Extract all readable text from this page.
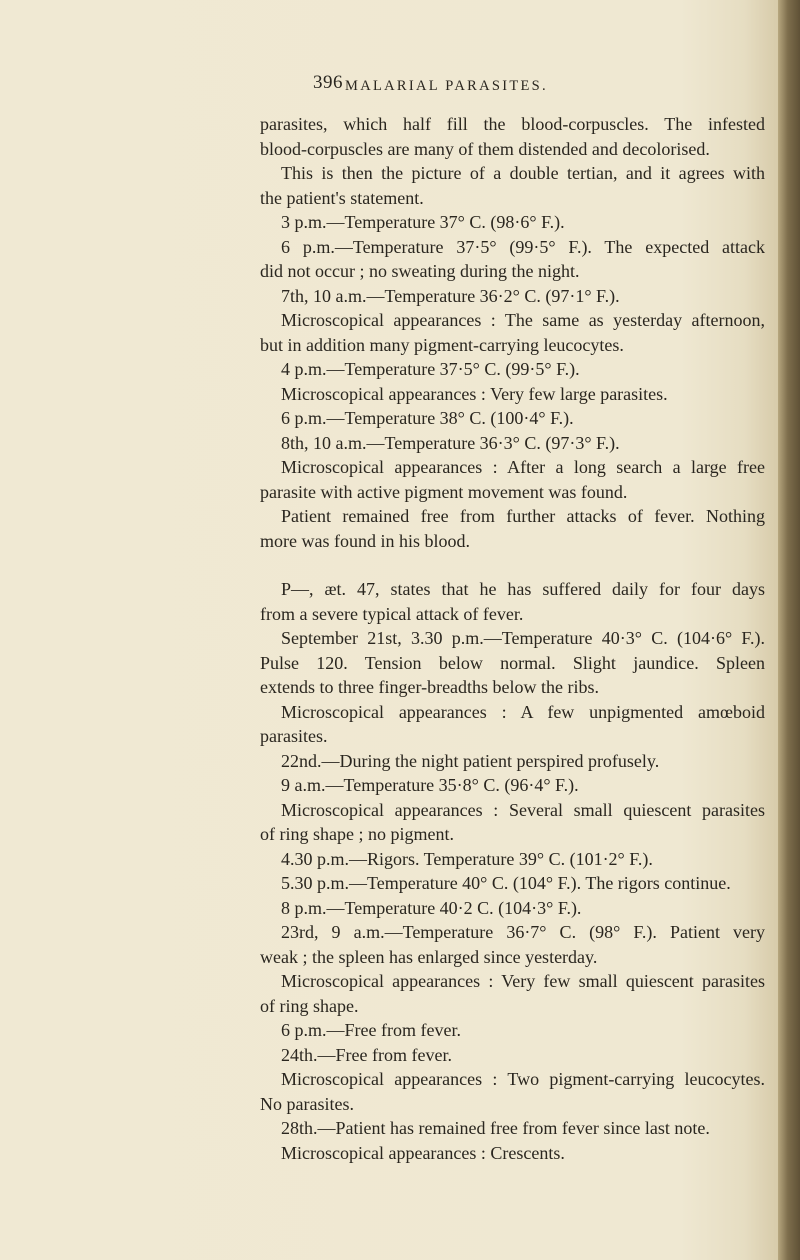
396 MALARIAL PARASITES.
parasites, which half fill the blood-corpuscles. The infested
blood-corpuscles are many of them distended and decolorised.
This is then the picture of a double tertian, and it agrees with
the patient's statement.
3 p.m.—Temperature 37° C. (98·6° F.).
6 p.m.—Temperature 37·5° (99·5° F.). The expected attack
did not occur ; no sweating during the night.
7th, 10 a.m.—Temperature 36·2° C. (97·1° F.).
Microscopical appearances : The same as yesterday afternoon,
but in addition many pigment-carrying leucocytes.
4 p.m.—Temperature 37·5° C. (99·5° F.).
Microscopical appearances : Very few large parasites.
6 p.m.—Temperature 38° C. (100·4° F.).
8th, 10 a.m.—Temperature 36·3° C. (97·3° F.).
Microscopical appearances : After a long search a large free
parasite with active pigment movement was found.
Patient remained free from further attacks of fever. Nothing
more was found in his blood.
P—, æt. 47, states that he has suffered daily for four days
from a severe typical attack of fever.
September 21st, 3.30 p.m.—Temperature 40·3° C. (104·6° F.).
Pulse 120. Tension below normal. Slight jaundice. Spleen
extends to three finger-breadths below the ribs.
Microscopical appearances : A few unpigmented amœboid
parasites.
22nd.—During the night patient perspired profusely.
9 a.m.—Temperature 35·8° C. (96·4° F.).
Microscopical appearances : Several small quiescent parasites
of ring shape ; no pigment.
4.30 p.m.—Rigors. Temperature 39° C. (101·2° F.).
5.30 p.m.—Temperature 40° C. (104° F.). The rigors continue.
8 p.m.—Temperature 40·2 C. (104·3° F.).
23rd, 9 a.m.—Temperature 36·7° C. (98° F.). Patient very
weak ; the spleen has enlarged since yesterday.
Microscopical appearances : Very few small quiescent parasites
of ring shape.
6 p.m.—Free from fever.
24th.—Free from fever.
Microscopical appearances : Two pigment-carrying leucocytes.
No parasites.
28th.—Patient has remained free from fever since last note.
Microscopical appearances : Crescents.
